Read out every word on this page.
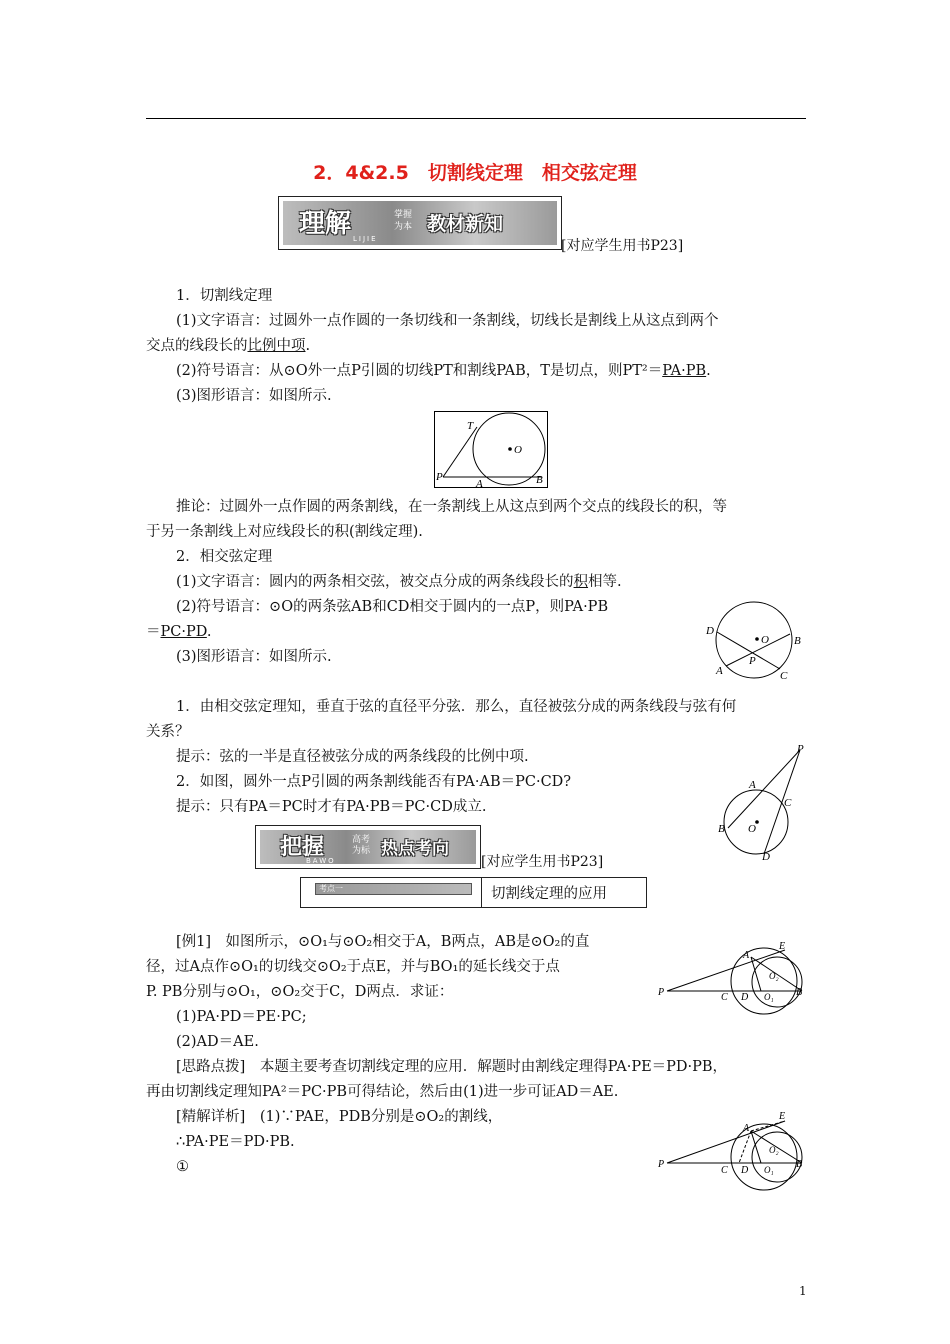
2．4&2.5　切割线定理　相交弦定理
理解	掌握
为本 教材新知
LIJIE	[对应学生用书P23]
1．切割线定理
(1)文字语言：过圆外一点作圆的一条切线和一条割线，切线长是割线上从这点到两个
交点的线段长的比例中项.
(2)符号语言：从⊙O外一点P引圆的切线PT和割线PAB，T是切点，则PT²＝PA·PB.
(3)图形语言：如图所示.
T
O
P
A	B
推论：过圆外一点作圆的两条割线，在一条割线上从这点到两个交点的线段长的积，等
于另一条割线上对应线段长的积(割线定理).
2．相交弦定理
(1)文字语言：圆内的两条相交弦，被交点分成的两条线段长的积相等.
(2)符号语言：⊙O的两条弦AB和CD相交于圆内的一点P，则PA·PB
＝PC·PD.
(3)图形语言：如图所示.
D
O B
P
A	C
1．由相交弦定理知，垂直于弦的直径平分弦．那么，直径被弦分成的两条线段与弦有何
关系？
提示：弦的一半是直径被弦分成的两条线段的比例中项.
2．如图，圆外一点P引圆的两条割线能否有PA·AB＝PC·CD?
提示：只有PA＝PC时才有PA·PB＝PC·CD成立.
P
A
C
B O
D
把握	高考
为标 热点考向
BAWO	[对应学生用书P23]
考点一	切割线定理的应用
[例1]　如图所示，⊙O₁与⊙O₂相交于A，B两点，AB是⊙O₂的直
径，过A点作⊙O₁的切线交⊙O₂于点E，并与BO₁的延长线交于点
P. PB分别与⊙O₁，⊙O₂交于C，D两点．求证：
(1)PA·PD＝PE·PC;
(2)AD＝AE.
[思路点拨]　本题主要考查切割线定理的应用．解题时由割线定理得PA·PE＝PD·PB，
再由切割线定理知PA²＝PC·PB可得结论，然后由(1)进一步可证AD＝AE.
[精解详析]　(1)∵PAE，PDB分别是⊙O₂的割线，
∴PA·PE＝PD·PB.
①
E
A
O₂
P	C D O₁ B
E
A
O₂
P
C D O₁ B
1
